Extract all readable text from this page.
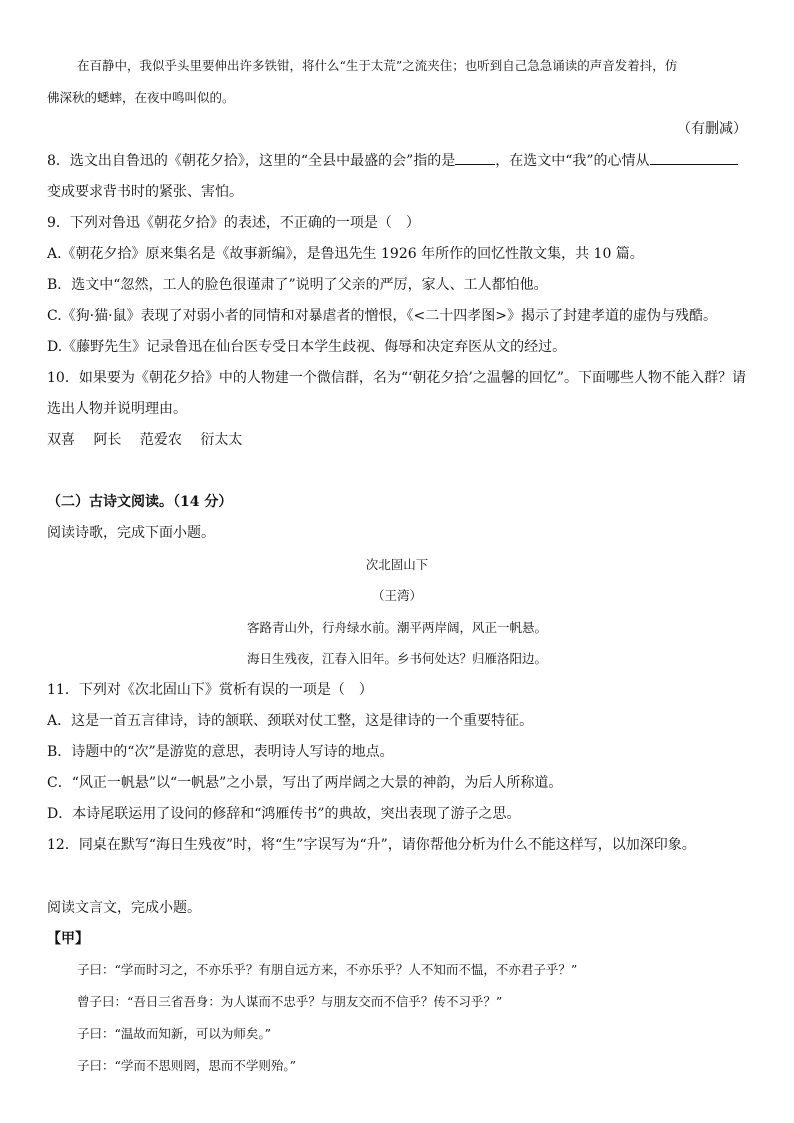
在百静中，我似乎头里要伸出许多铁钳，将什么“生于太荒”之流夹住；也听到自己急急诵读的声音发着抖，仿
佛深秋的蟋蟀，在夜中鸣叫似的。
（有删减）
8．选文出自鲁迅的《朝花夕拾》，这里的“全县中最盛的会”指的是	，在选文中“我”的心情从
变成要求背书时的紧张、害怕。
9．下列对鲁迅《朝花夕拾》的表述，不正确的一项是（　）
A.《朝花夕拾》原来集名是《故事新编》，是鲁迅先生 1926 年所作的回忆性散文集，共 10 篇。
B．选文中“忽然，工人的脸色很谨肃了”说明了父亲的严厉，家人、工人都怕他。
C.《狗·猫·鼠》表现了对弱小者的同情和对暴虐者的憎恨，《<二十四孝图>》揭示了封建孝道的虚伪与残酷。
D.《藤野先生》记录鲁迅在仙台医专受日本学生歧视、侮辱和决定弃医从文的经过。
10．如果要为《朝花夕拾》中的人物建一个微信群，名为“‘朝花夕拾’之温馨的回忆”。下面哪些人物不能入群？请
选出人物并说明理由。
双喜 阿长 范爱农 衍太太
（二）古诗文阅读。（14 分）
阅读诗歌，完成下面小题。
次北固山下
（王湾）
客路青山外，行舟绿水前。潮平两岸阔，风正一帆悬。
海日生残夜，江春入旧年。乡书何处达？归雁洛阳边。
11．下列对《次北固山下》赏析有误的一项是（　）
A．这是一首五言律诗，诗的颔联、颈联对仗工整，这是律诗的一个重要特征。
B．诗题中的“次”是游览的意思，表明诗人写诗的地点。
C．“风正一帆悬”以“一帆悬”之小景，写出了两岸阔之大景的神韵，为后人所称道。
D．本诗尾联运用了设问的修辞和“鸿雁传书”的典故，突出表现了游子之思。
12．同桌在默写“海日生残夜”时，将“生”字误写为“升”，请你帮他分析为什么不能这样写，以加深印象。
阅读文言文，完成小题。
【甲】
子曰：“学而时习之，不亦乐乎？有朋自远方来，不亦乐乎？人不知而不愠，不亦君子乎？”
曾子曰：“吾日三省吾身：为人谋而不忠乎？与朋友交而不信乎？传不习乎？”
子曰：“温故而知新，可以为师矣。”
子曰：“学而不思则罔，思而不学则殆。”
